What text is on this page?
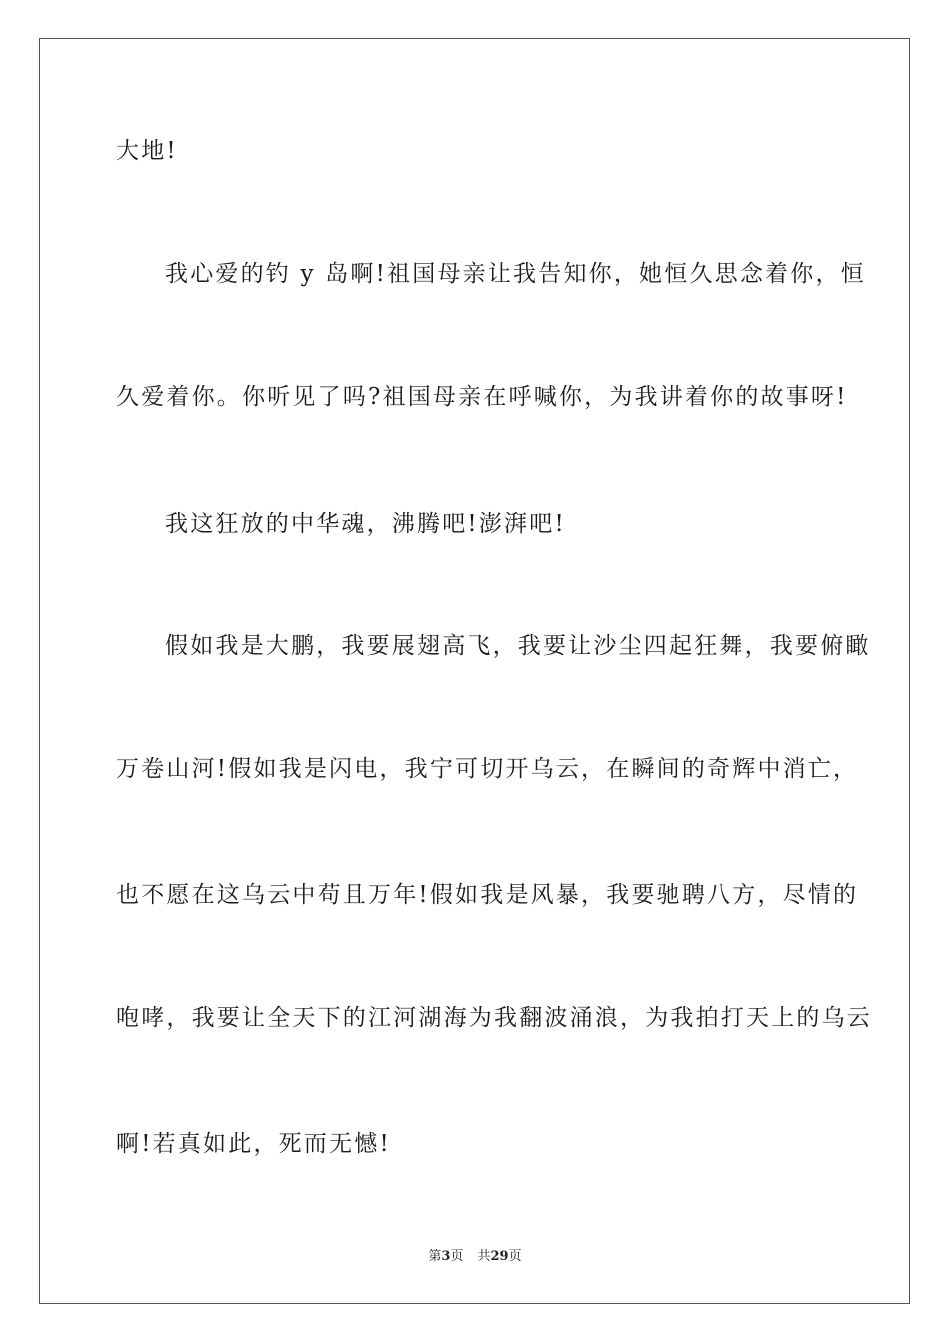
大地!
我心爱的钓 y 岛啊!祖国母亲让我告知你，她恒久思念着你，恒
久爱着你。你听见了吗?祖国母亲在呼喊你，为我讲着你的故事呀!
我这狂放的中华魂，沸腾吧!澎湃吧!
假如我是大鹏，我要展翅高飞，我要让沙尘四起狂舞，我要俯瞰
万卷山河!假如我是闪电，我宁可切开乌云，在瞬间的奇辉中消亡，
也不愿在这乌云中苟且万年!假如我是风暴，我要驰聘八方，尽情的
咆哮，我要让全天下的江河湖海为我翻波涌浪，为我拍打天上的乌云
啊!若真如此，死而无憾!
第3页 共29页
